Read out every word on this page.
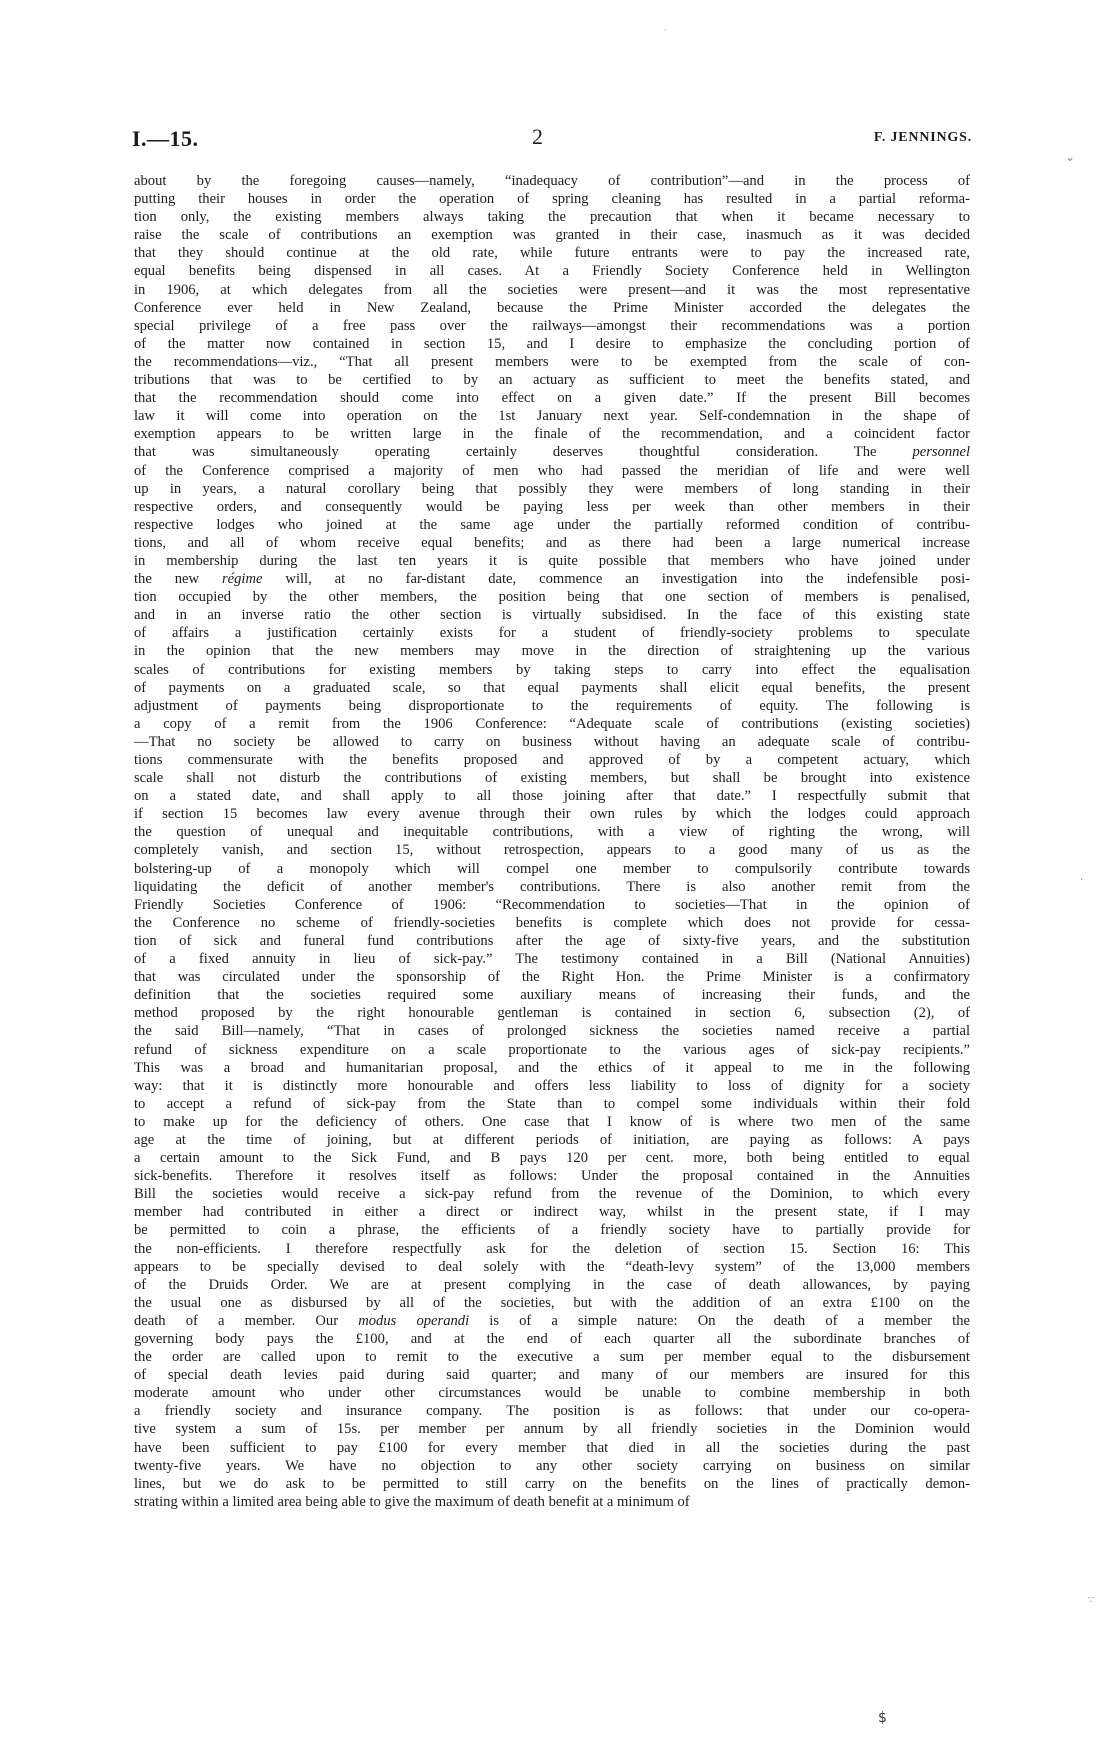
I.—15.	2	F. JENNINGS.
about by the foregoing causes—namely, “inadequacy of contribution”—and in the process of
putting their houses in order the operation of spring cleaning has resulted in a partial reforma-
tion only, the existing members always taking the precaution that when it became necessary to
raise the scale of contributions an exemption was granted in their case, inasmuch as it was decided
that they should continue at the old rate, while future entrants were to pay the increased rate,
equal benefits being dispensed in all cases. At a Friendly Society Conference held in Wellington
in 1906, at which delegates from all the societies were present—and it was the most representative
Conference ever held in New Zealand, because the Prime Minister accorded the delegates the
special privilege of a free pass over the railways—amongst their recommendations was a portion
of the matter now contained in section 15, and I desire to emphasize the concluding portion of
the recommendations—viz., “That all present members were to be exempted from the scale of con-
tributions that was to be certified to by an actuary as sufficient to meet the benefits stated, and
that the recommendation should come into effect on a given date.” If the present Bill becomes
law it will come into operation on the 1st January next year. Self-condemnation in the shape of
exemption appears to be written large in the finale of the recommendation, and a coincident factor
that was simultaneously operating certainly deserves thoughtful consideration. The personnel
of the Conference comprised a majority of men who had passed the meridian of life and were well
up in years, a natural corollary being that possibly they were members of long standing in their
respective orders, and consequently would be paying less per week than other members in their
respective lodges who joined at the same age under the partially reformed condition of contribu-
tions, and all of whom receive equal benefits; and as there had been a large numerical increase
in membership during the last ten years it is quite possible that members who have joined under
the new régime will, at no far-distant date, commence an investigation into the indefensible posi-
tion occupied by the other members, the position being that one section of members is penalised,
and in an inverse ratio the other section is virtually subsidised. In the face of this existing state
of affairs a justification certainly exists for a student of friendly-society problems to speculate
in the opinion that the new members may move in the direction of straightening up the various
scales of contributions for existing members by taking steps to carry into effect the equalisation
of payments on a graduated scale, so that equal payments shall elicit equal benefits, the present
adjustment of payments being disproportionate to the requirements of equity. The following is
a copy of a remit from the 1906 Conference: “Adequate scale of contributions (existing societies)
—That no society be allowed to carry on business without having an adequate scale of contribu-
tions commensurate with the benefits proposed and approved of by a competent actuary, which
scale shall not disturb the contributions of existing members, but shall be brought into existence
on a stated date, and shall apply to all those joining after that date.” I respectfully submit that
if section 15 becomes law every avenue through their own rules by which the lodges could approach
the question of unequal and inequitable contributions, with a view of righting the wrong, will
completely vanish, and section 15, without retrospection, appears to a good many of us as the
bolstering-up of a monopoly which will compel one member to compulsorily contribute towards
liquidating the deficit of another member's contributions. There is also another remit from the
Friendly Societies Conference of 1906: “Recommendation to societies—That in the opinion of
the Conference no scheme of friendly-societies benefits is complete which does not provide for cessa-
tion of sick and funeral fund contributions after the age of sixty-five years, and the substitution
of a fixed annuity in lieu of sick-pay.” The testimony contained in a Bill (National Annuities)
that was circulated under the sponsorship of the Right Hon. the Prime Minister is a confirmatory
definition that the societies required some auxiliary means of increasing their funds, and the
method proposed by the right honourable gentleman is contained in section 6, subsection (2), of
the said Bill—namely, “That in cases of prolonged sickness the societies named receive a partial
refund of sickness expenditure on a scale proportionate to the various ages of sick-pay recipients.”
This was a broad and humanitarian proposal, and the ethics of it appeal to me in the following
way: that it is distinctly more honourable and offers less liability to loss of dignity for a society
to accept a refund of sick-pay from the State than to compel some individuals within their fold
to make up for the deficiency of others. One case that I know of is where two men of the same
age at the time of joining, but at different periods of initiation, are paying as follows: A pays
a certain amount to the Sick Fund, and B pays 120 per cent. more, both being entitled to equal
sick-benefits. Therefore it resolves itself as follows: Under the proposal contained in the Annuities
Bill the societies would receive a sick-pay refund from the revenue of the Dominion, to which every
member had contributed in either a direct or indirect way, whilst in the present state, if I may
be permitted to coin a phrase, the efficients of a friendly society have to partially provide for
the non-efficients. I therefore respectfully ask for the deletion of section 15. Section 16: This
appears to be specially devised to deal solely with the “death-levy system” of the 13,000 members
of the Druids Order. We are at present complying in the case of death allowances, by paying
the usual one as disbursed by all of the societies, but with the addition of an extra £100 on the
death of a member. Our modus operandi is of a simple nature: On the death of a member the
governing body pays the £100, and at the end of each quarter all the subordinate branches of
the order are called upon to remit to the executive a sum per member equal to the disbursement
of special death levies paid during said quarter; and many of our members are insured for this
moderate amount who under other circumstances would be unable to combine membership in both
a friendly society and insurance company. The position is as follows: that under our co-opera-
tive system a sum of 15s. per member per annum by all friendly societies in the Dominion would
have been sufficient to pay £100 for every member that died in all the societies during the past
twenty-five years. We have no objection to any other society carrying on business on similar
lines, but we do ask to be permitted to still carry on the benefits on the lines of practically demon-
strating within a limited area being able to give the maximum of death benefit at a minimum of
·
⌄
·
∵
$
